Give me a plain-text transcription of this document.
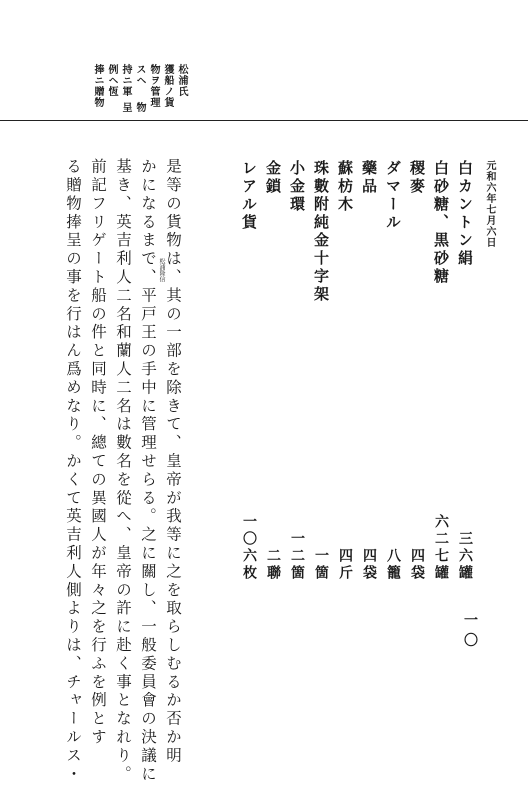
松浦氏
獲船ノ貨
物ヲ管理
スヘ
持ニ軍
例ヘ恆
捧ニ贈物 呈 物
元和六年七月六日
白カントン絹
白砂糖、黒砂糖
稷麥
ダマール
藥品
蘇枋木
珠數附純金十字架
小金環
金鎖
レアル貨
三六罐
六二七罐
四袋
八籠
四袋
四斤
一箇
一二箇
二聯
一〇六枚
是等の貨物は、其の一部を除きて、皇帝が我等に之を取らしむるか否か明
かになるまで、平戸王の手中に管理せらる。之に關し、一般委員會の決議に
基き、英吉利人二名和蘭人二名は數名を從へ、皇帝の許に赴く事となれり。
前記フリゲート船の件と同時に、總ての異國人が年々之を行ふを例とす
る贈物捧呈の事を行はん爲めなり。かくて英吉利人側よりは、チャールス・	松浦隆信
一〇
